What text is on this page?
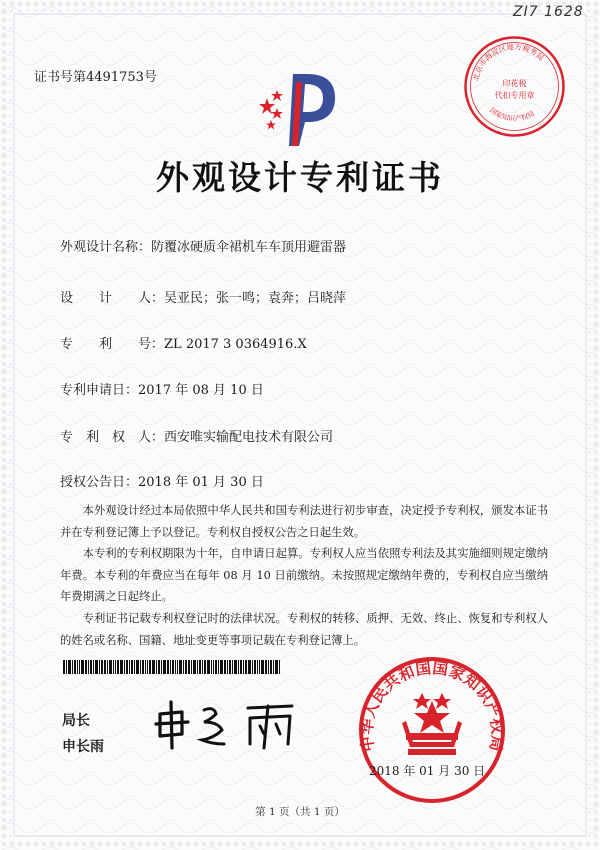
ZI7 1628
证书号第4491753号	北京市海淀区地方税务局
印花税
代扣专用章
国家知识产权局
外观设计专利证书
外观设计名称：防覆冰硬质伞裙机车车顶用避雷器
设　　计　　人：吴亚民；张一鸣；袁奔；吕晓萍
专　　利　　号：ZL 2017 3 0364916.X
专利申请日：2017 年 08 月 10 日
专　利　权　人：西安唯实输配电技术有限公司
授权公告日：2018 年 01 月 30 日
本外观设计经过本局依照中华人民共和国专利法进行初步审查，决定授予专利权，颁发本证书并在专利登记簿上予以登记。专利权自授权公告之日起生效。
本专利的专利权期限为十年，自申请日起算。专利权人应当依照专利法及其实施细则规定缴纳年费。本专利的年费应当在每年 08 月 10 日前缴纳。未按照规定缴纳年费的，专利权自应当缴纳年费期满之日起终止。
专利证书记载专利权登记时的法律状况。专利权的转移、质押、无效、终止、恢复和专利权人的姓名或名称、国籍、地址变更等事项记载在专利登记簿上。
局长
申长雨	中华人民共和国国家知识产权局
2018 年 01 月 30 日
第 1 页（共 1 页）
